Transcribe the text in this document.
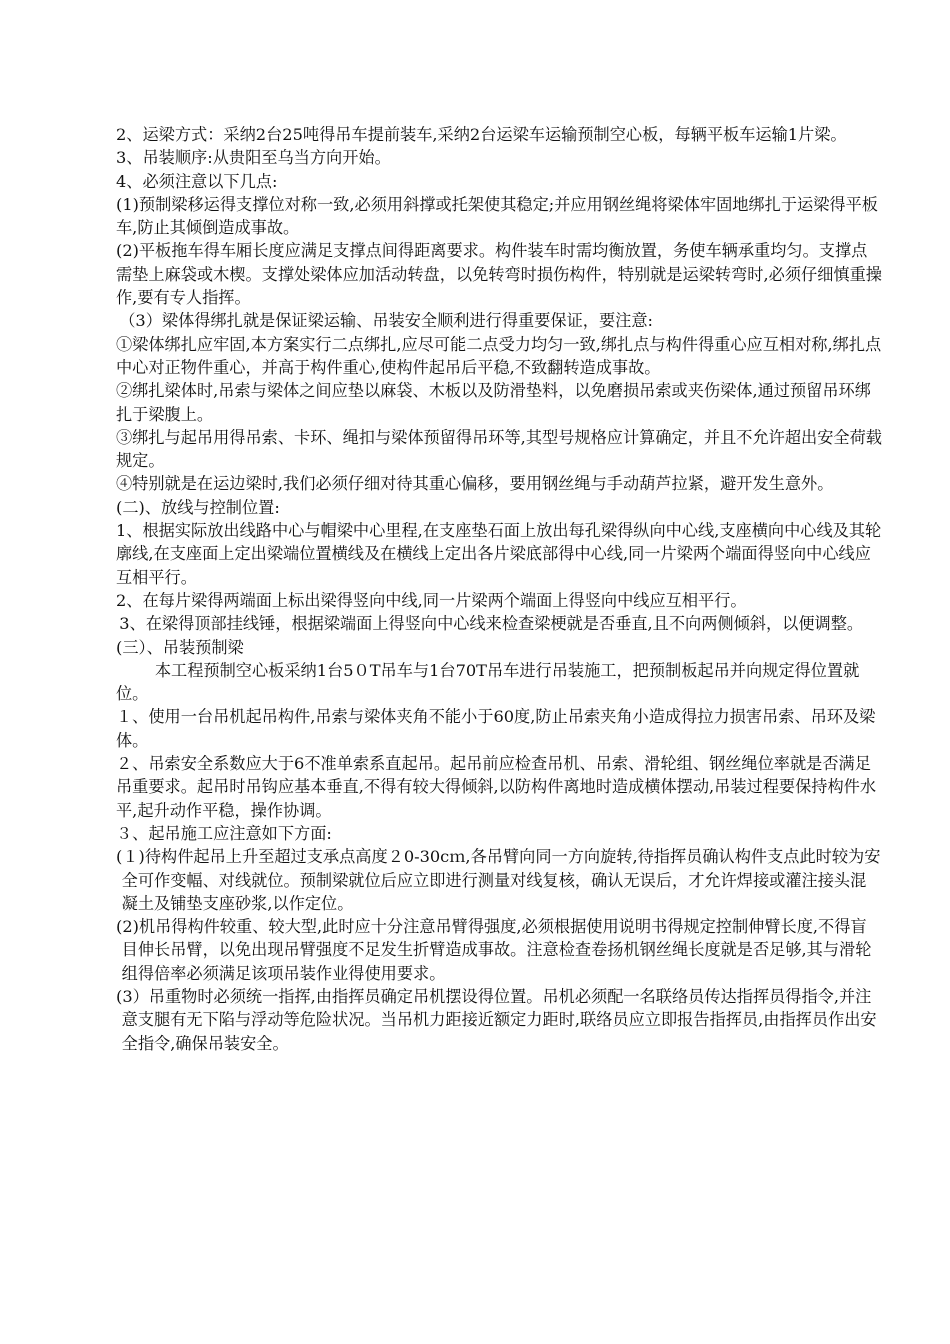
2、运梁方式：采纳2台25吨得吊车提前装车,采纳2台运梁车运输预制空心板，每辆平板车运输1片梁。

3、吊装顺序:从贵阳至乌当方向开始。

4、必须注意以下几点:

(1)预制梁移运得支撑位对称一致,必须用斜撑或托架使其稳定;并应用钢丝绳将梁体牢固地绑扎于运梁得平板车,防止其倾倒造成事故。

(2)平板拖车得车厢长度应满足支撑点间得距离要求。构件装车时需均衡放置，务使车辆承重均匀。支撑点需垫上麻袋或木楔。支撑处梁体应加活动转盘，以免转弯时损伤构件，特别就是运梁转弯时,必须仔细慎重操作,要有专人指挥。

（3）梁体得绑扎就是保证梁运输、吊装安全顺利进行得重要保证，要注意:

①梁体绑扎应牢固,本方案实行二点绑扎,应尽可能二点受力均匀一致,绑扎点与构件得重心应互相对称,绑扎点中心对正物件重心，并高于构件重心,使构件起吊后平稳,不致翻转造成事故。

②绑扎梁体时,吊索与梁体之间应垫以麻袋、木板以及防滑垫料，以免磨损吊索或夹伤梁体,通过预留吊环绑扎于梁腹上。

③绑扎与起吊用得吊索、卡环、绳扣与梁体预留得吊环等,其型号规格应计算确定，并且不允许超出安全荷载规定。

④特别就是在运边梁时,我们必须仔细对待其重心偏移，要用钢丝绳与手动葫芦拉紧，避开发生意外。

(二)、放线与控制位置:

1、根据实际放出线路中心与帽梁中心里程,在支座垫石面上放出每孔梁得纵向中心线,支座横向中心线及其轮廓线,在支座面上定出梁端位置横线及在横线上定出各片梁底部得中心线,同一片梁两个端面得竖向中心线应互相平行。

2、在每片梁得两端面上标出梁得竖向中线,同一片梁两个端面上得竖向中线应互相平行。

3、在梁得顶部挂线锤，根据梁端面上得竖向中心线来检查梁梗就是否垂直,且不向两侧倾斜，以便调整。

(三）、吊装预制梁

本工程预制空心板采纳1台5０T吊车与1台70T吊车进行吊装施工，把预制板起吊并向规定得位置就位。

１、使用一台吊机起吊构件,吊索与梁体夹角不能小于60度,防止吊索夹角小造成得拉力损害吊索、吊环及梁体。

２、吊索安全系数应大于6不准单索系直起吊。起吊前应检查吊机、吊索、滑轮组、钢丝绳位率就是否满足吊重要求。起吊时吊钩应基本垂直,不得有较大得倾斜,以防构件离地时造成横体摆动,吊装过程要保持构件水平,起升动作平稳，操作协调。

３、起吊施工应注意如下方面:

(１)待构件起吊上升至超过支承点高度２0-30cｍ,各吊臂向同一方向旋转,待指挥员确认构件支点此时较为安全可作变幅、对线就位。预制梁就位后应立即进行测量对线复核，确认无误后，才允许焊接或灌注接头混凝土及铺垫支座砂浆,以作定位。

(2)机吊得构件较重、较大型,此时应十分注意吊臂得强度,必须根据使用说明书得规定控制伸臂长度,不得盲目伸长吊臂，以免出现吊臂强度不足发生折臂造成事故。注意检查卷扬机钢丝绳长度就是否足够,其与滑轮组得倍率必须满足该项吊装作业得使用要求。

(3）吊重物时必须统一指挥,由指挥员确定吊机摆设得位置。吊机必须配一名联络员传达指挥员得指令,并注意支腿有无下陷与浮动等危险状况。当吊机力距接近额定力距时,联络员应立即报告指挥员,由指挥员作出安全指令,确保吊装安全。
